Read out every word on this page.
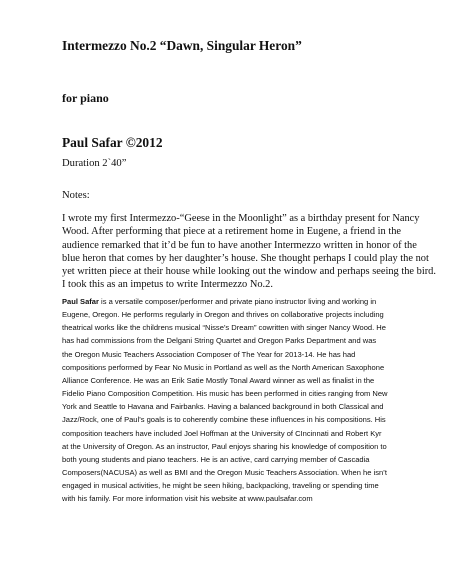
Intermezzo No.2 “Dawn, Singular Heron”
for piano
Paul Safar ©2012
Duration 2`40”
Notes:
I wrote my first Intermezzo-“Geese in the Moonlight” as a birthday present for Nancy
Wood. After performing that piece at a retirement home in Eugene, a friend in the
audience remarked that it’d be fun to have another Intermezzo written in honor of the
blue heron that comes by her daughter’s house. She thought perhaps I could play the not
yet written piece at their house while looking out the window and perhaps seeing the bird.
I took this as an impetus to write Intermezzo No.2.
Paul Safar is a versatile composer/performer and private piano instructor living and working in
Eugene, Oregon. He performs regularly in Oregon and thrives on collaborative projects including
theatrical works like the childrens musical “Nisse’s Dream” cowritten with singer Nancy Wood. He
has had commissions from the Delgani String Quartet and Oregon Parks Department and was
the Oregon Music Teachers Association Composer of The Year for 2013-14. He has had
compositions performed by Fear No Music in Portland as well as the North American Saxophone
Alliance Conference. He was an Erik Satie Mostly Tonal Award winner as well as finalist in the
Fidelio Piano Composition Competition. His music has been performed in cities ranging from New
York and Seattle to Havana and Fairbanks. Having a balanced background in both Classical and
Jazz/Rock, one of Paul’s goals is to coherently combine these influences in his compositions. His
composition teachers have included Joel Hoffman at the University of CIncinnati and Robert Kyr
at the University of Oregon. As an instructor, Paul enjoys sharing his knowledge of composition to
both young students and piano teachers. He is an active, card carrying member of Cascadia
Composers(NACUSA) as well as BMI and the Oregon Music Teachers Association. When he isn’t
engaged in musical activities, he might be seen hiking, backpacking, traveling or spending time
with his family. For more information visit his website at www.paulsafar.com
